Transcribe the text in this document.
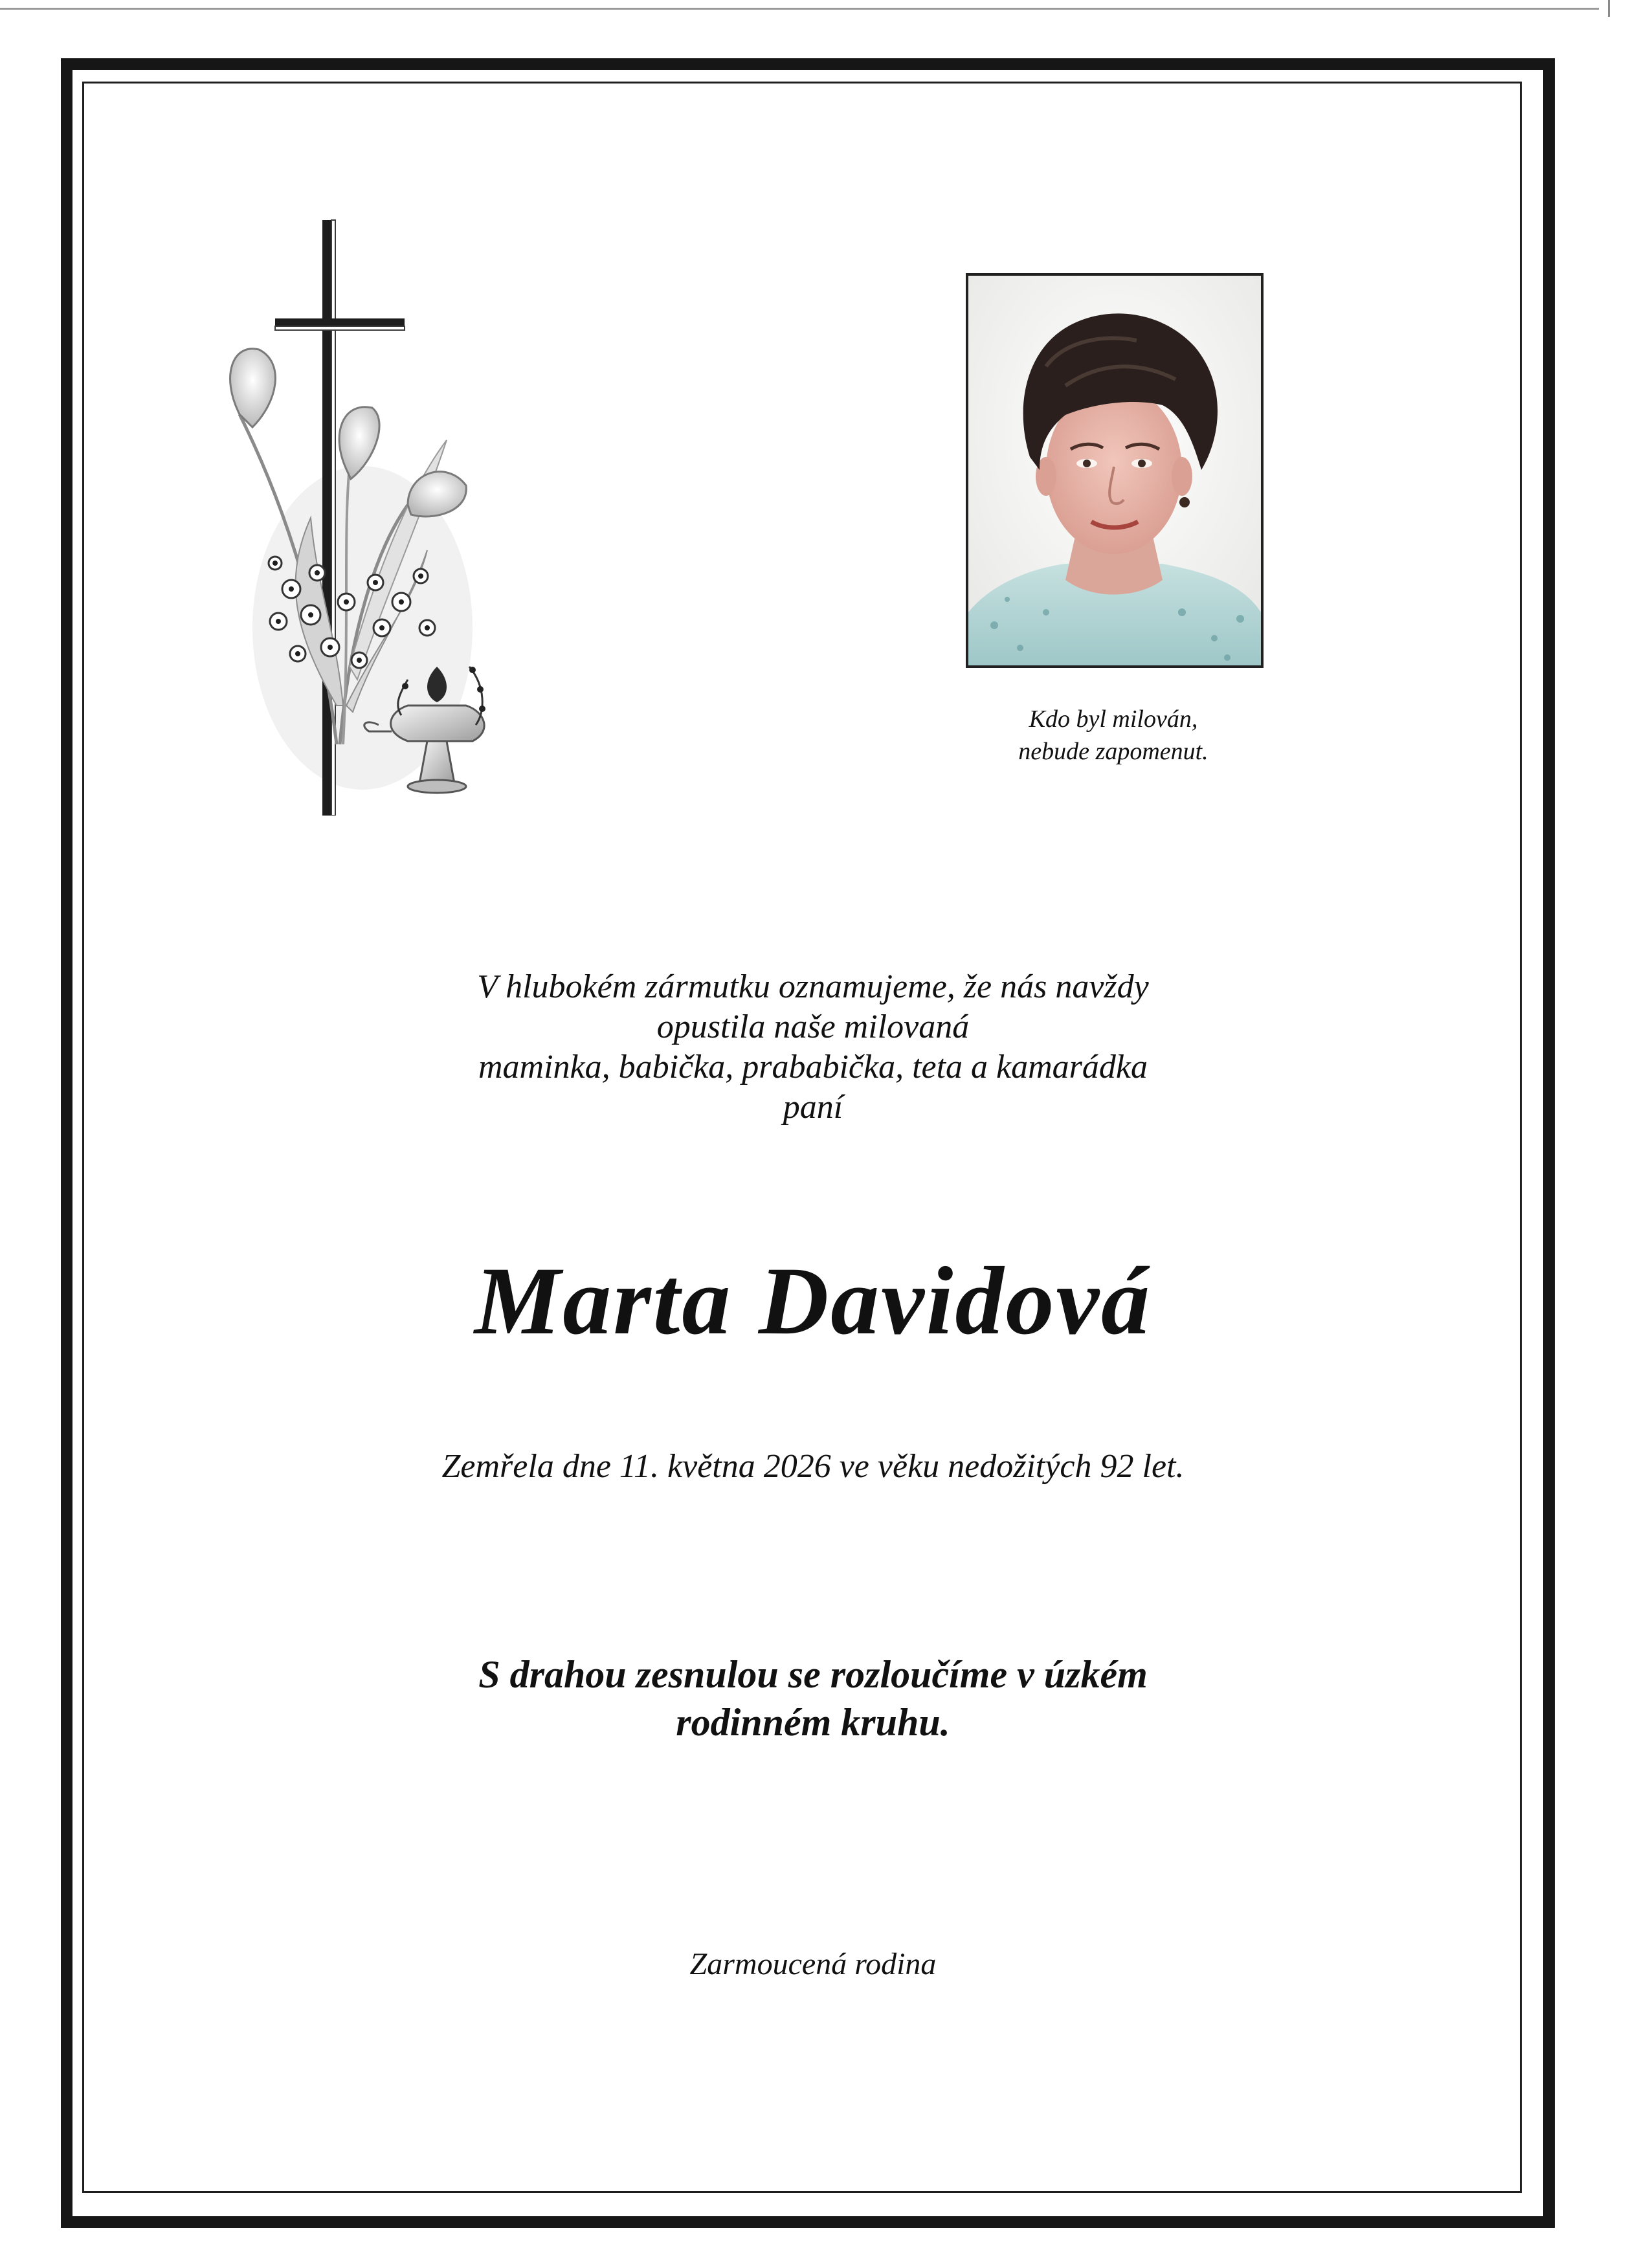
Kdo byl milován,
nebude zapomenut.
V hlubokém zármutku oznamujeme, že nás navždy
opustila naše milovaná
maminka, babička, prababička, teta a kamarádka
paní
Marta Davidová
Zemřela dne 11. května 2026 ve věku nedožitých 92 let.
S drahou zesnulou se rozloučíme v úzkém
rodinném kruhu.
Zarmoucená rodina
